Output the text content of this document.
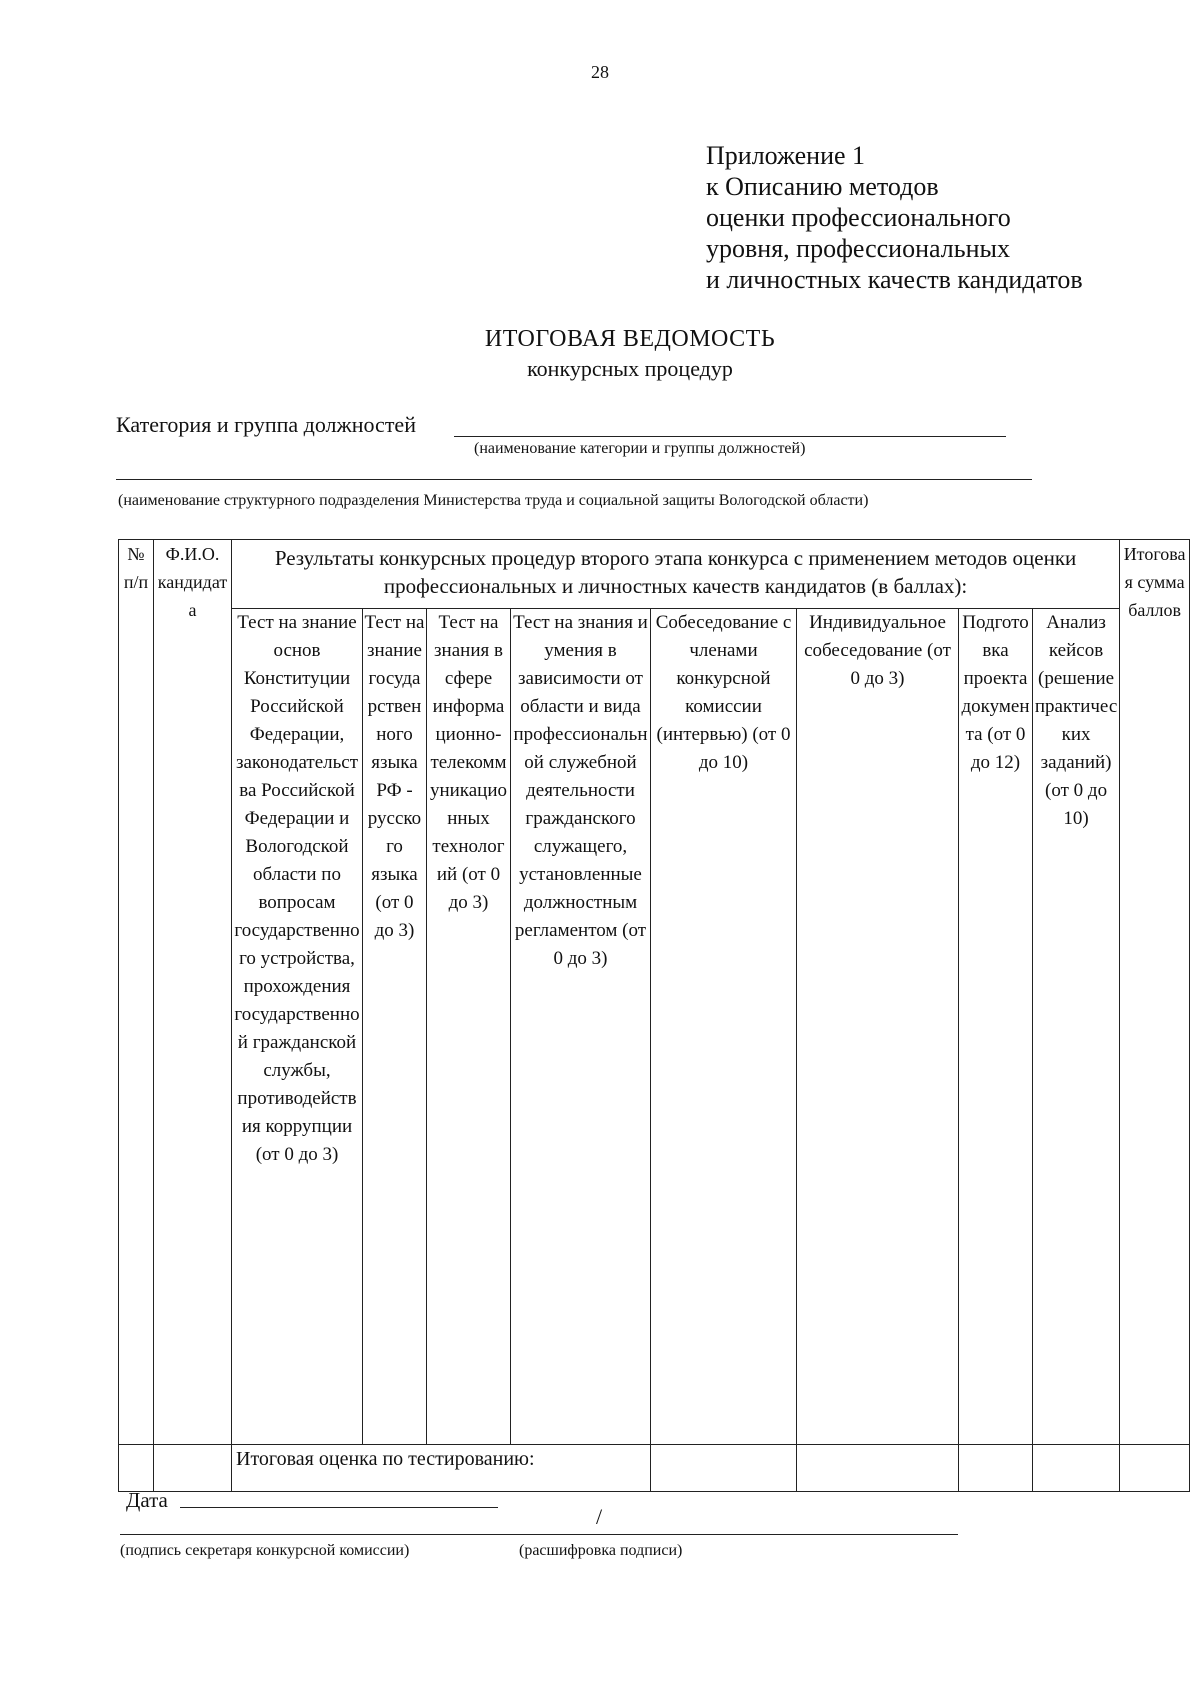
28
Приложение 1
к Описанию методов
оценки профессионального
уровня, профессиональных
и личностных качеств кандидатов
ИТОГОВАЯ ВЕДОМОСТЬ
конкурсных процедур
Категория и группа должностей
(наименование категории и группы должностей)
(наименование структурного подразделения Министерства труда и социальной защиты Вологодской области)
№ п/п	Ф.И.О. кандидата	Результаты конкурсных процедур второго этапа конкурса с применением методов оценки профессиональных и личностных качеств кандидатов (в баллах):								Итоговая сумма баллов
		Тест на знание основ Конституции Российской Федерации, законодательства Российской Федерации и Вологодской области по вопросам государственного устройства, прохождения государственной гражданской службы, противодействия коррупции (от 0 до 3)	Тест на знание государственного языка РФ - русского языка (от 0 до 3)	Тест на знания в сфере информационно-телекоммуникационных технологий (от 0 до 3)	Тест на знания и умения в зависимости от области и вида профессиональной служебной деятельности гражданского служащего, установленные должностным регламентом (от 0 до 3)	Собеседование с членами конкурсной комиссии (интервью) (от 0 до 10)	Индивидуальное собеседование (от 0 до 3)	Подготовка проекта документа (от 0 до 12)	Анализ кейсов (решение практических заданий) (от 0 до 10)	
		Итоговая оценка по тестированию:								
Дата
/
(подпись секретаря конкурсной комиссии)	(расшифровка подписи)
